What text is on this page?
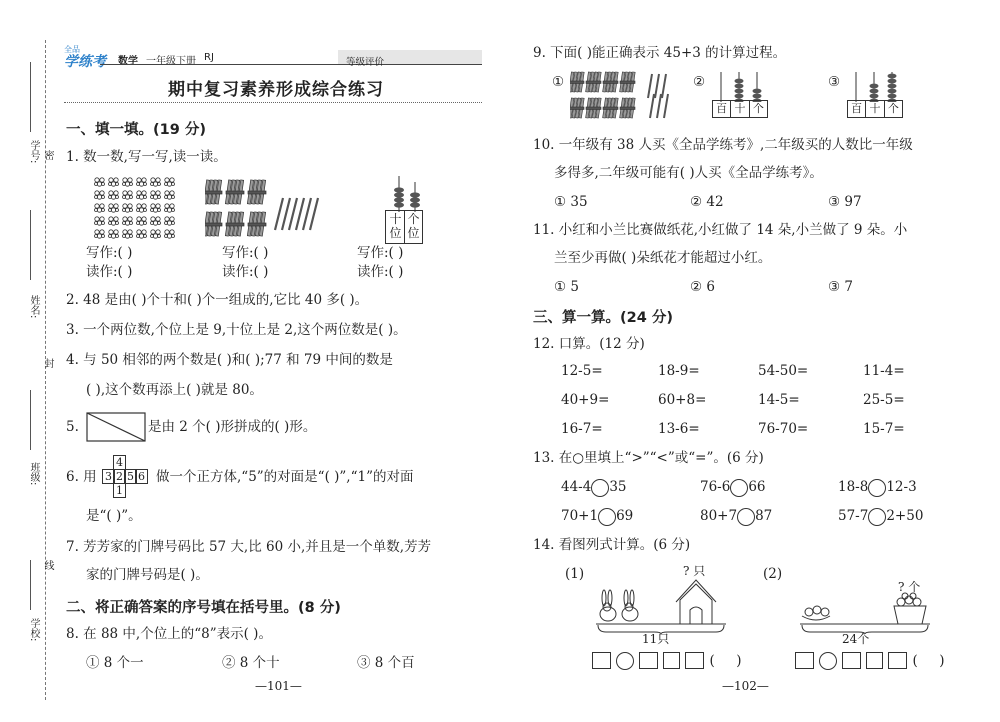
学校:
线
班级:
封
姓名:
密
学号:
全品
学练考 数学 一年级下册 RJ	等级评价
期中复习素养形成综合练习
一、填一填。(19 分)
1. 数一数,写一写,读一读。
十
位
个
位
写作:( )
读作:( )
写作:( )
读作:( )
写作:( )
读作:( )
2. 48 是由( )个十和( )个一组成的,它比 40 多( )。
3. 一个两位数,个位上是 9,十位上是 2,这个两位数是( )。
4. 与 50 相邻的两个数是( )和( );77 和 79 中间的数是
( ),这个数再添上( )就是 80。
5.	是由 2 个( )形拼成的( )形。
6. 用
4
3 2 5 6
1
做一个正方体,“5”的对面是“( )”,“1”的对面
是“( )”。
7. 芳芳家的门牌号码比 57 大,比 60 小,并且是一个单数,芳芳
家的门牌号码是( )。
二、将正确答案的序号填在括号里。(8 分)
8. 在 88 中,个位上的“8”表示( )。
① 8 个一	② 8 个十	③ 8 个百
—101—
9. 下面( )能正确表示 45+3 的计算过程。
①	②
百 十 个
③
百 十 个
10. 一年级有 38 人买《全品学练考》,二年级买的人数比一年级
多得多,二年级可能有( )人买《全品学练考》。
① 35	② 42	③ 97
11. 小红和小兰比赛做纸花,小红做了 14 朵,小兰做了 9 朵。小
兰至少再做( )朵纸花才能超过小红。
① 5	② 6	③ 7
三、算一算。(24 分)
12. 口算。(12 分)
12-5=	18-9=	54-50=	11-4=
40+9=	60+8=	14-5=	25-5=
16-7=	13-6=	76-70=	15-7=
13. 在○里填上“>”“<”或“=”。(6 分)
44-4 35	76-6 66	18-8 12-3
70+1 69	80+7 87	57-7 2+50
14. 看图列式计算。(6 分)
(1)	? 只
11只
(2)
? 个
24个
(     )	(     )
—102—
